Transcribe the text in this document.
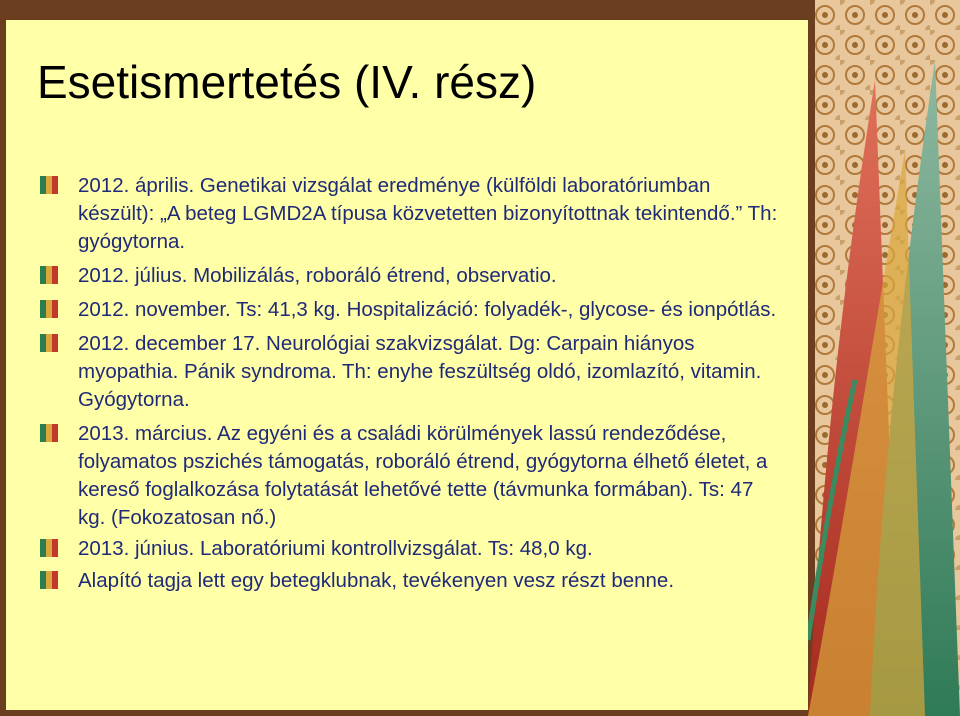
Esetismertetés (IV. rész)
2012. április. Genetikai vizsgálat eredménye (külföldi laboratóriumban készült): „A beteg LGMD2A típusa közvetetten bizonyítottnak tekintendő.” Th: gyógytorna.
2012. július. Mobilizálás, roboráló étrend, observatio.
2012. november. Ts: 41,3 kg. Hospitalizáció: folyadék-, glycose- és ionpótlás.
2012. december 17. Neurológiai szakvizsgálat. Dg: Carpain hiányos myopathia. Pánik syndroma. Th: enyhe feszültség oldó, izomlazító, vitamin. Gyógytorna.
2013. március. Az egyéni és a családi körülmények lassú rendeződése, folyamatos pszichés támogatás, roboráló étrend, gyógytorna élhető életet, a kereső foglalkozása folytatását lehetővé tette (távmunka formában). Ts: 47 kg. (Fokozatosan nő.)
2013. június. Laboratóriumi kontrollvizsgálat. Ts: 48,0 kg.
Alapító tagja lett egy betegklubnak, tevékenyen vesz részt benne.
